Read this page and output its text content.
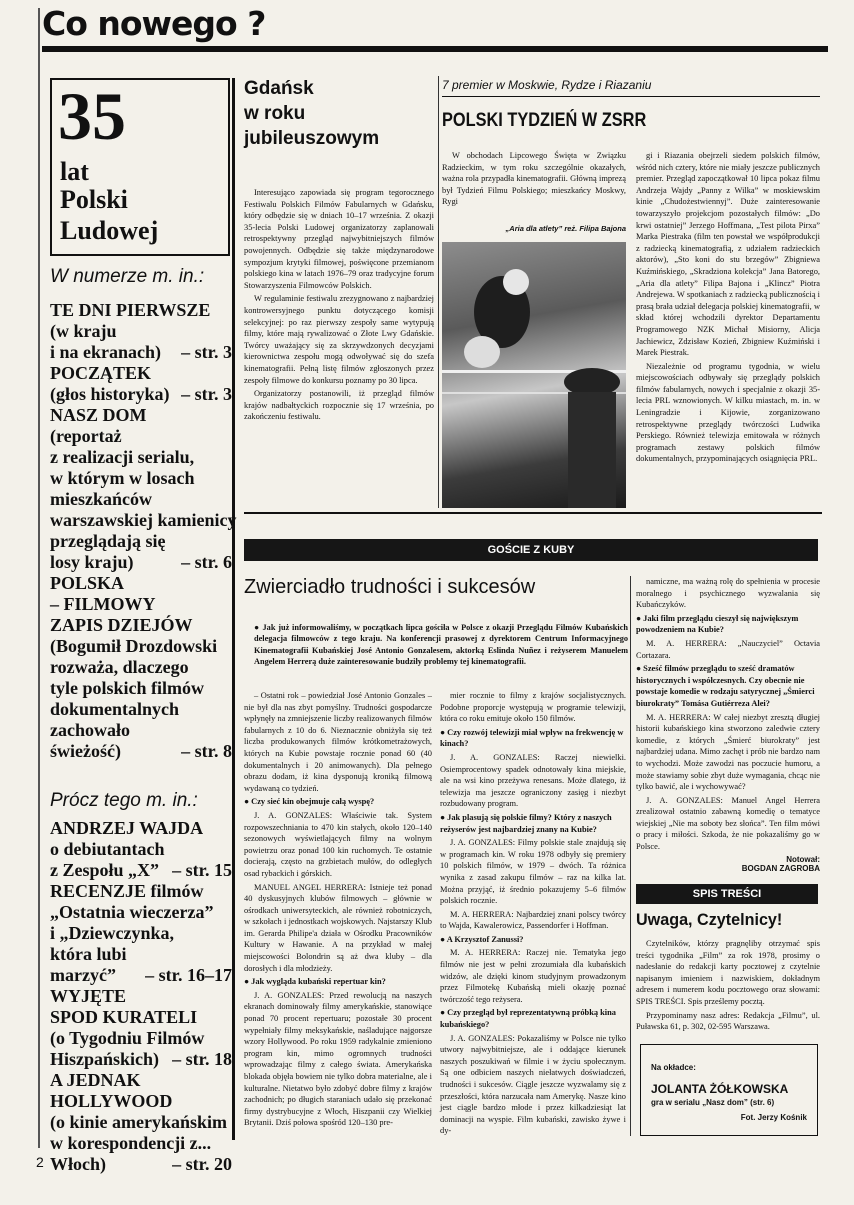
Co nowego ?
35
lat
Polski
Ludowej
W numerze m. in.:
TE DNI PIERWSZE
(w kraju
i na ekranach) – str. 3
POCZĄTEK
(głos historyka) – str. 3
NASZ DOM
(reportaż
z realizacji serialu,
w którym w losach
mieszkańców
warszawskiej kamienicy
przeglądają się
losy kraju)	– str. 6
POLSKA
– FILMOWY
ZAPIS DZIEJÓW
(Bogumił Drozdowski
rozważa, dlaczego
tyle polskich filmów
dokumentalnych
zachowało
świeżość)	– str. 8
Prócz tego m. in.:
ANDRZEJ WAJDA
o debiutantach
z Zespołu „X” – str. 15
RECENZJE filmów
„Ostatnia wieczerza”
i „Dziewczynka,
która lubi
marzyć” – str. 16–17
WYJĘTE
SPOD KURATELI
(o Tygodniu Filmów
Hiszpańskich) – str. 18
A JEDNAK
HOLLYWOOD
(o kinie amerykańskim
w korespondencji z...
Włoch)	– str. 20
Gdańsk
w roku
jubileuszowym

Interesująco zapowiada się program tegorocznego Festiwalu Polskich Filmów Fabularnych w Gdańsku, który odbędzie się w dniach 10–17 września. Z okazji 35-lecia Polski Ludowej organizatorzy zaplanowali retrospektywny przegląd najwybitniejszych filmów powojennych. Odbędzie się także międzynarodowe sympozjum krytyki filmowej, poświęcone przemianom polskiego kina w latach 1976–79 oraz tradycyjne forum Stowarzyszenia Filmowców Polskich.

W regulaminie festiwalu zrezygnowano z najbardziej kontrowersyjnego punktu dotyczącego komisji selekcyjnej: po raz pierwszy zespoły same wytypują filmy, które mają rywalizować o Złote Lwy Gdańskie. Twórcy uważający się za skrzywdzonych decyzjami kierownictwa zespołu mogą odwoływać się do szefa kinematografii. Pełną listę filmów zgłoszonych przez zespoły filmowe do konkursu poznamy po 30 lipca.

Organizatorzy postanowili, iż przegląd filmów krajów nadbałtyckich rozpocznie się 17 września, po zakończeniu festiwalu.

7 premier w Moskwie, Rydze i Riazaniu
POLSKI TYDZIEŃ W ZSRR

W obchodach Lipcowego Święta w Związku Radzieckim, w tym roku szczególnie okazałych, ważna rola przypadła kinematografii. Główną imprezą był Tydzień Filmu Polskiego; mieszkańcy Moskwy, Rygi

„Aria dla atlety” reż. Filipa Bajona

gi i Riazania obejrzeli siedem polskich filmów, wśród nich cztery, które nie miały jeszcze publicznych premier. Przegląd zapoczątkował 10 lipca pokaz filmu Andrzeja Wajdy „Panny z Wilka” w moskiewskim kinie „Chudożestwiennyj”. Duże zainteresowanie towarzyszyło projekcjom pozostałych filmów: „Do krwi ostatniej” Jerzego Hoffmana, „Test pilota Pirxa” Marka Piestraka (film ten powstał we współprodukcji z radziecką kinematografią, z udziałem radzieckich aktorów), „Sto koni do stu brzegów” Zbigniewa Kuźmińskiego, „Skradziona kolekcja” Jana Batorego, „Aria dla atlety” Filipa Bajona i „Klincz” Piotra Andrejewa. W spotkaniach z radziecką publicznością i prasą brała udział delegacja polskiej kinematografii, w skład której wchodzili dyrektor Departamentu Programowego NZK Michał Misiorny, Alicja Jachiewicz, Zdzisław Kozień, Zbigniew Kuźmiński i Marek Piestrak.

Niezależnie od programu tygodnia, w wielu miejscowościach odbywały się przeglądy polskich filmów fabularnych, nowych i specjalnie z okazji 35-lecia PRL wznowionych. W kilku miastach, m. in. w Leningradzie i Kijowie, zorganizowano retrospektywne przeglądy twórczości Ludwika Perskiego. Również telewizja emitowała w różnych programach zestawy polskich filmów dokumentalnych, przypominających osiągnięcia PRL.

GOŚCIE Z KUBY
Zwierciadło trudności i sukcesów

● Jak już informowaliśmy, w początkach lipca gościła w Polsce z okazji Przeglądu Filmów Kubańskich delegacja filmowców z tego kraju. Na konferencji prasowej z dyrektorem Centrum Informacyjnego Kinematografii Kubańskiej José Antonio Gonzalesem, aktorką Eslinda Nuñez i reżyserem Manuelem Angelem Herrerą duże zainteresowanie budziły problemy tej kinematografii.

– Ostatni rok – powiedział José Antonio Gonzales – nie był dla nas zbyt pomyślny. Trudności gospodarcze wpłynęły na zmniejszenie liczby realizowanych filmów fabularnych z 10 do 6. Nieznacznie obniżyła się też liczba produkowanych filmów krótkometrażowych, których na Kubie powstaje rocznie ponad 60 (40 dokumentalnych i 20 animowanych). Dla pełnego obrazu dodam, iż kina dysponują kroniką filmową wydawaną co tydzień.

● Czy sieć kin obejmuje całą wyspę?

J. A. GONZALES: Właściwie tak. System rozpowszechniania to 470 kin stałych, około 120–140 sezonowych wyświetlających filmy na wolnym powietrzu oraz ponad 100 kin ruchomych. Te ostatnie docierają, często na grzbietach mułów, do odległych osad rybackich i górskich.

MANUEL ANGEL HERRERA: Istnieje też ponad 40 dyskusyjnych klubów filmowych – głównie w ośrodkach uniwersyteckich, ale również robotniczych, w szkołach i jednostkach wojskowych. Najstarszy Klub im. Gerarda Philipe'a działa w Ośrodku Pracowników Kultury w Hawanie. A na przykład w małej miejscowości Bolondrin są aż dwa kluby – dla dorosłych i dla młodzieży.

● Jak wygląda kubański repertuar kin?

J. A. GONZALES: Przed rewolucją na naszych ekranach dominowały filmy amerykańskie, stanowiące ponad 70 procent repertuaru; pozostałe 30 procent wypełniały filmy meksykańskie, naśladujące najgorsze wzory Hollywood. Po roku 1959 radykalnie zmieniono program kin, mimo ogromnych trudności wprowadzając filmy z całego świata. Amerykańska blokada objęła bowiem nie tylko dobra materialne, ale i kulturalne. Nietatwo było zdobyć dobre filmy z krajów zachodnich; po długich staraniach udało się przekonać firmy dystrybucyjne z Włoch, Hiszpanii czy Wielkiej Brytanii. Dziś połowa spośród 120–130 pre-

mier rocznie to filmy z krajów socjalistycznych. Podobne proporcje występują w programie telewizji, która co roku emituje około 150 filmów.

● Czy rozwój telewizji miał wpływ na frekwencję w kinach?

J. A. GONZALES: Raczej niewielki. Osiemprocentowy spadek odnotowały kina miejskie, ale na wsi kino przeżywa renesans. Może dlatego, iż telewizja ma jeszcze ograniczony zasięg i niezbyt rozbudowany program.

● Jak plasują się polskie filmy? Który z naszych reżyserów jest najbardziej znany na Kubie?

J. A. GONZALES: Filmy polskie stale znajdują się w programach kin. W roku 1978 odbyły się premiery 10 polskich filmów, w 1979 – dwóch. Ta różnica wynika z zasad zakupu filmów – raz na kilka lat. Można przyjąć, iż średnio pokazujemy 5–6 filmów polskich rocznie.

M. A. HERRERA: Najbardziej znani polscy twórcy to Wajda, Kawalerowicz, Passendorfer i Hoffman.

● A Krzysztof Zanussi?

M. A. HERRERA: Raczej nie. Tematyka jego filmów nie jest w pełni zrozumiała dla kubańskich widzów, ale dzięki kinom studyjnym prowadzonym przez Filmotekę Kubańską mieli okazję poznać twórczość tego reżysera.

● Czy przegląd był reprezentatywną próbką kina kubańskiego?

J. A. GONZALES: Pokazaliśmy w Polsce nie tylko utwory najwybitniejsze, ale i oddające kierunek naszych poszukiwań w filmie i w życiu społecznym. Są one odbiciem naszych niełatwych doświadczeń, trudności i sukcesów. Ciągle jeszcze wyzwalamy się z przeszłości, która narzucała nam Amerykę. Nasze kino jest ciągle bardzo młode i przez kilkadziesiąt lat dominacji na wyspie. Film kubański, zawisko żywe i dy-

namiczne, ma ważną rolę do spełnienia w procesie moralnego i psychicznego wyzwalania się Kubańczyków.

● Jaki film przeglądu cieszył się największym powodzeniem na Kubie?

M. A. HERRERA: „Nauczyciel” Octavia Cortazara.

● Sześć filmów przeglądu to sześć dramatów historycznych i współczesnych. Czy obecnie nie powstaje komedie w rodzaju satyrycznej „Śmierci biurokraty” Tomása Gutiérreza Alei?

M. A. HERRERA: W całej niezbyt zresztą długiej historii kubańskiego kina stworzono zaledwie cztery komedie, z których „Śmierć biurokraty” jest najbardziej udana. Mimo zachęt i prób nie bardzo nam to wychodzi. Może zawodzi nas poczucie humoru, a może stawiamy sobie zbyt duże wymagania, chcąc nie tylko bawić, ale i wychowywać?

J. A. GONZALES: Manuel Angel Herrera zrealizował ostatnio zabawną komedię o tematyce wiejskiej „Nie ma soboty bez słońca”. Ten film mówi o pracy i miłości. Szkoda, że nie pokazaliśmy go w Polsce.

Notował:
BOGDAN ZAGROBA
SPIS TREŚCI
Uwaga, Czytelnicy!

Czytelników, którzy pragnęliby otrzymać spis treści tygodnika „Film” za rok 1978, prosimy o nadesłanie do redakcji karty pocztowej z czytelnie napisanym imieniem i nazwiskiem, dokładnym adresem i numerem kodu pocztowego oraz słowami: SPIS TREŚCI. Spis prześlemy pocztą.

Przypominamy nasz adres: Redakcja „Filmu”, ul. Puławska 61, p. 302, 02-595 Warszawa.

Na okładce:
JOLANTA ŻÓŁKOWSKA
gra w serialu „Nasz dom” (str. 6)
Fot. Jerzy Kośnik
2
